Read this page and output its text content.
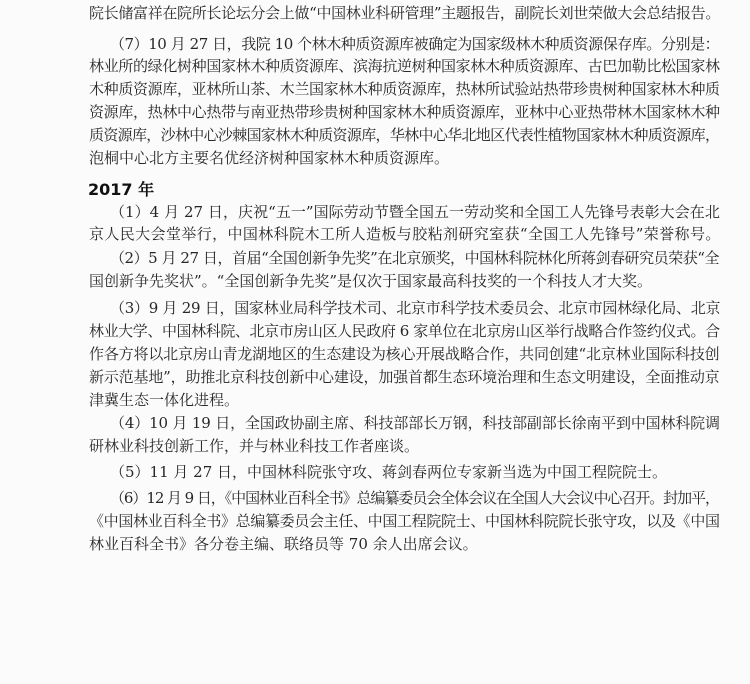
2017 年
院长储富祥在院所长论坛分会上做“中国林业科研管理”主题报告，副院长刘世荣做大会总结报告。
（7）10 月 27 日，我院 10 个林木种质资源库被确定为国家级林木种质资源保存库。分别是：
林业所的绿化树种国家林木种质资源库、滨海抗逆树种国家林木种质资源库、古巴加勒比松国家林
木种质资源库，亚林所山茶、木兰国家林木种质资源库，热林所试验站热带珍贵树种国家林木种质
资源库，热林中心热带与南亚热带珍贵树种国家林木种质资源库，亚林中心亚热带林木国家林木种
质资源库，沙林中心沙棘国家林木种质资源库，华林中心华北地区代表性植物国家林木种质资源库，
泡桐中心北方主要名优经济树种国家林木种质资源库。
（1）4 月 27 日，庆祝“五一”国际劳动节暨全国五一劳动奖和全国工人先锋号表彰大会在北
京人民大会堂举行，中国林科院木工所人造板与胶粘剂研究室获“全国工人先锋号”荣誉称号。
（2）5 月 27 日，首届“全国创新争先奖”在北京颁奖，中国林科院林化所蒋剑春研究员荣获“全
国创新争先奖状”。“全国创新争先奖”是仅次于国家最高科技奖的一个科技人才大奖。
（3）9 月 29 日，国家林业局科学技术司、北京市科学技术委员会、北京市园林绿化局、北京
林业大学、中国林科院、北京市房山区人民政府 6 家单位在北京房山区举行战略合作签约仪式。合
作各方将以北京房山青龙湖地区的生态建设为核心开展战略合作，共同创建“北京林业国际科技创
新示范基地”，助推北京科技创新中心建设，加强首都生态环境治理和生态文明建设，全面推动京
津冀生态一体化进程。
（4）10 月 19 日，全国政协副主席、科技部部长万钢，科技部副部长徐南平到中国林科院调
研林业科技创新工作，并与林业科技工作者座谈。
（5）11 月 27 日，中国林科院张守攻、蒋剑春两位专家新当选为中国工程院院士。
（6）12 月 9 日，《中国林业百科全书》总编纂委员会全体会议在全国人大会议中心召开。封加平，
《中国林业百科全书》总编纂委员会主任、中国工程院院士、中国林科院院长张守攻，以及《中国
林业百科全书》各分卷主编、联络员等 70 余人出席会议。
